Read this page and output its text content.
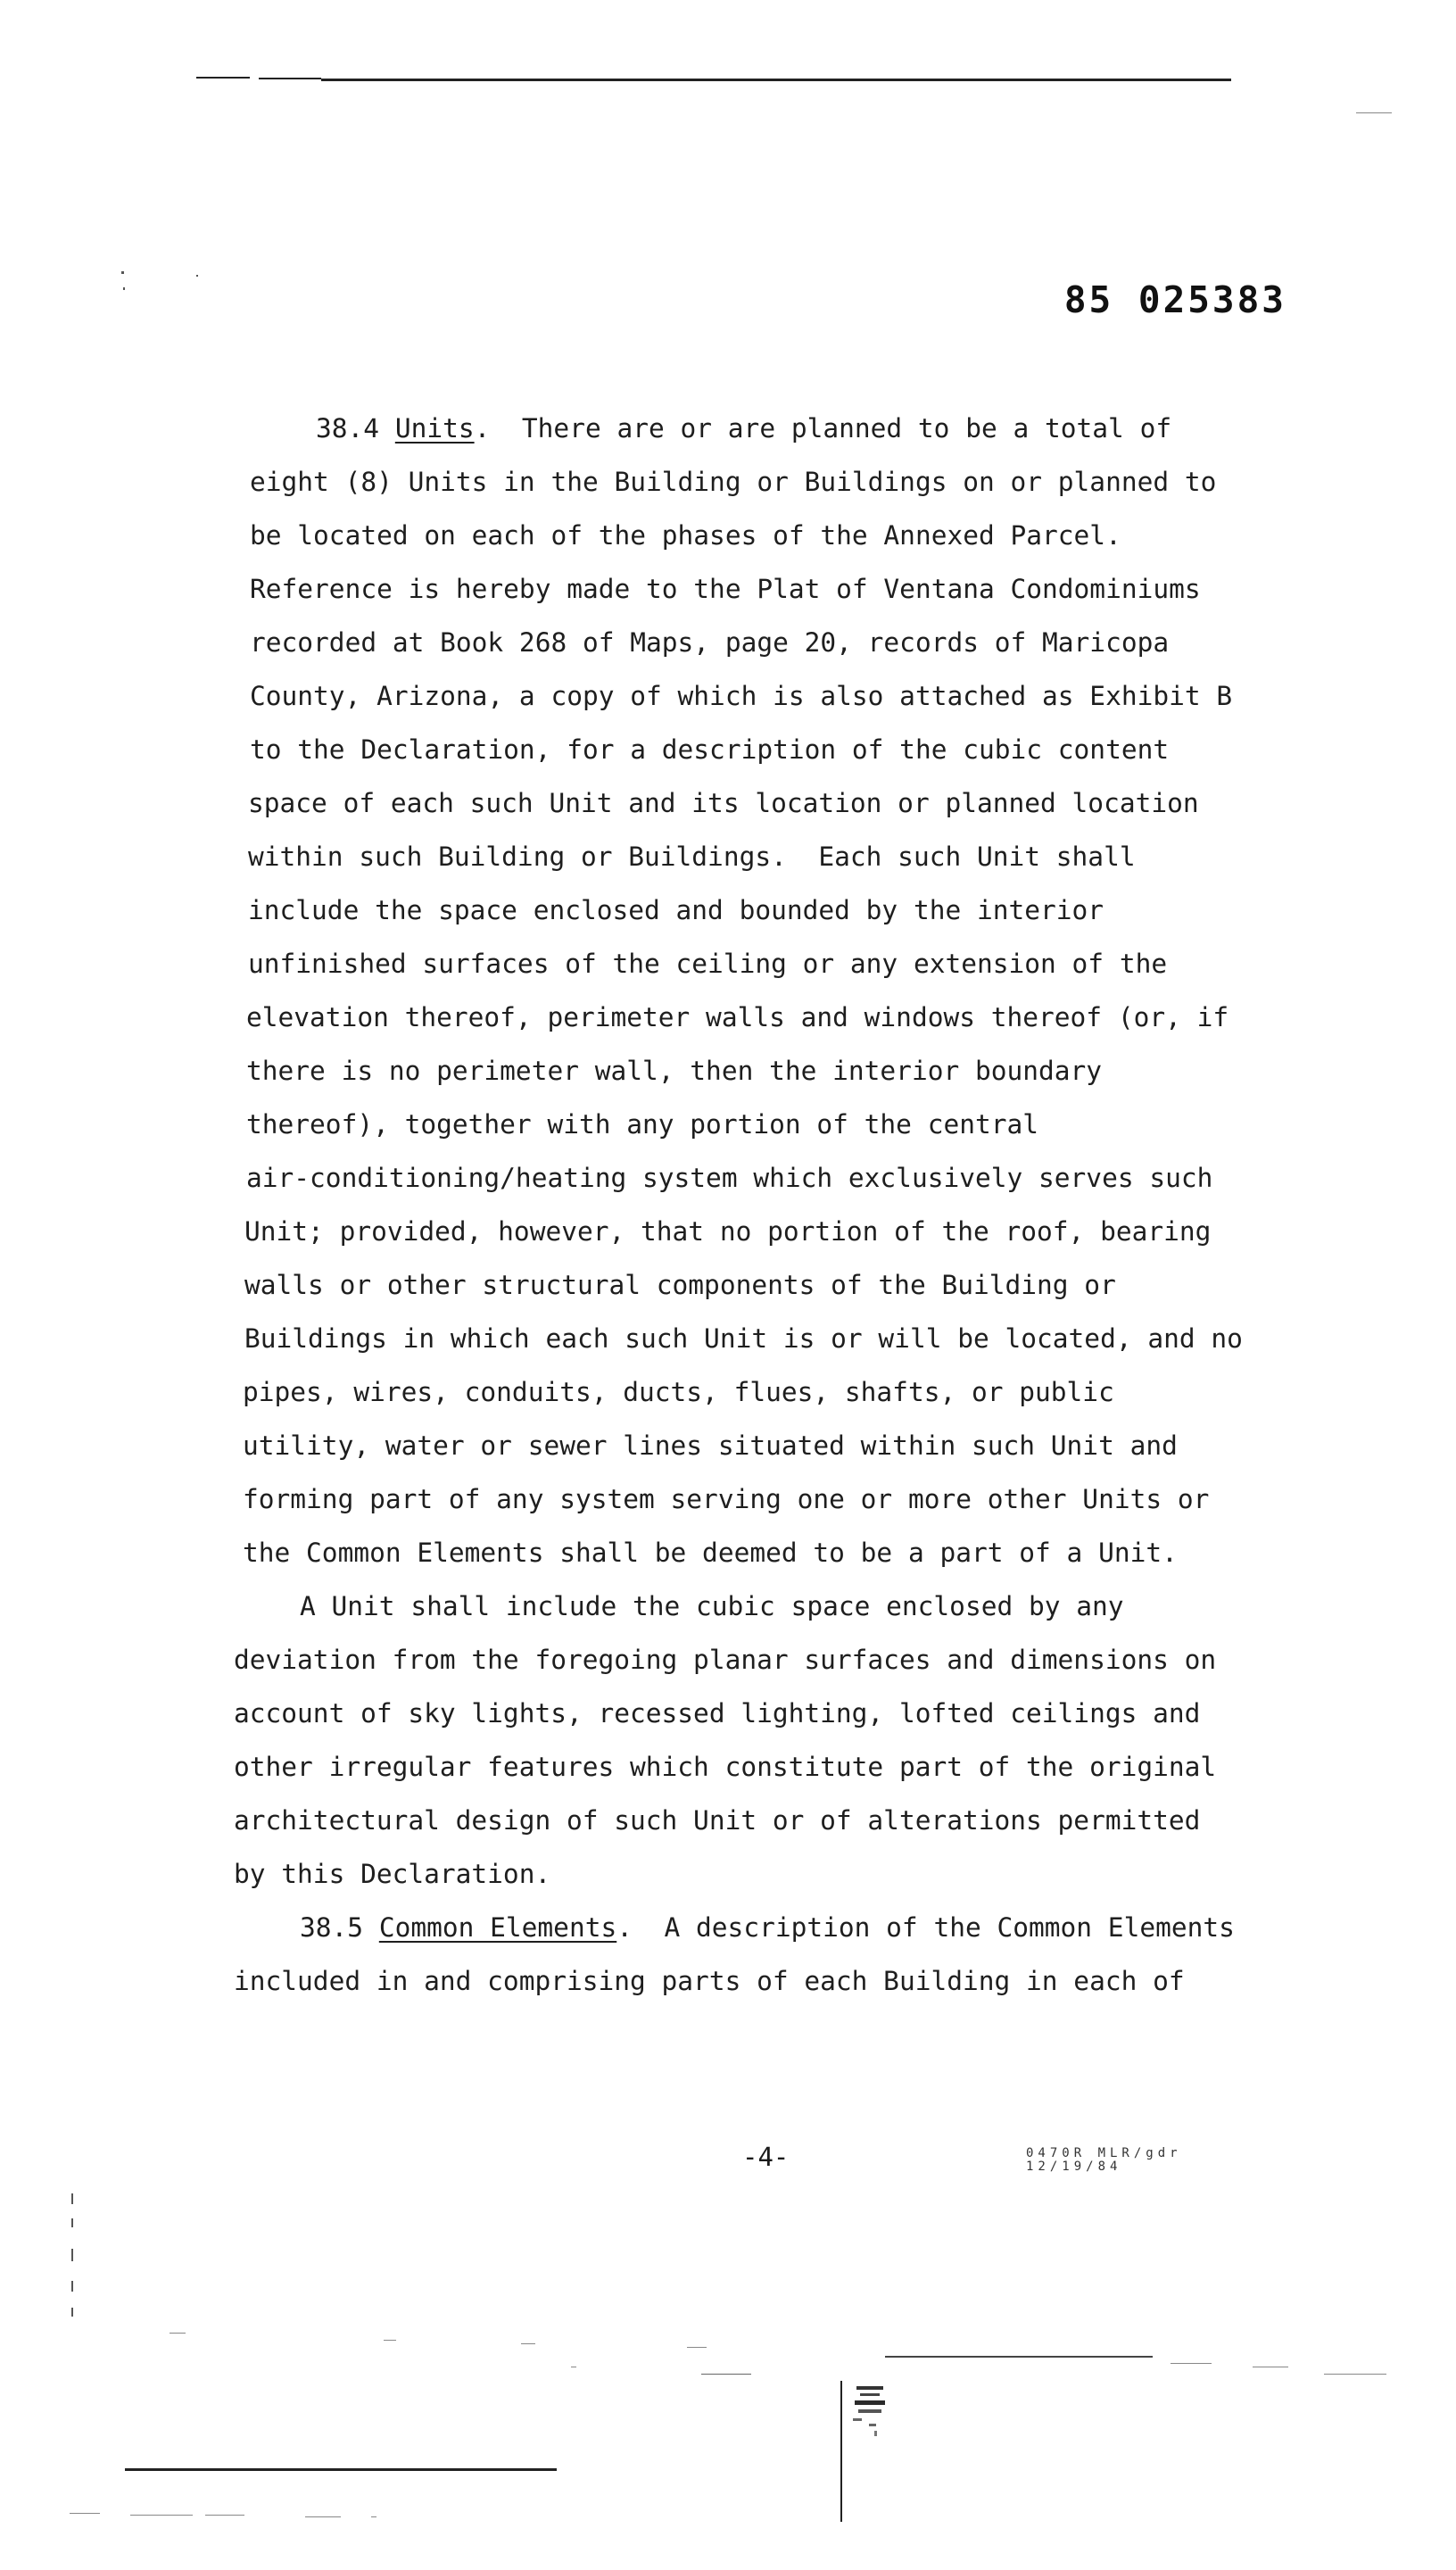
85 025383
38.4 Units.  There are or are planned to be a total of
eight (8) Units in the Building or Buildings on or planned to
be located on each of the phases of the Annexed Parcel.
Reference is hereby made to the Plat of Ventana Condominiums
recorded at Book 268 of Maps, page 20, records of Maricopa
County, Arizona, a copy of which is also attached as Exhibit B
to the Declaration, for a description of the cubic content
space of each such Unit and its location or planned location
within such Building or Buildings.  Each such Unit shall
include the space enclosed and bounded by the interior
unfinished surfaces of the ceiling or any extension of the
elevation thereof, perimeter walls and windows thereof (or, if
there is no perimeter wall, then the interior boundary
thereof), together with any portion of the central
air-conditioning/heating system which exclusively serves such
Unit; provided, however, that no portion of the roof, bearing
walls or other structural components of the Building or
Buildings in which each such Unit is or will be located, and no
pipes, wires, conduits, ducts, flues, shafts, or public
utility, water or sewer lines situated within such Unit and
forming part of any system serving one or more other Units or
the Common Elements shall be deemed to be a part of a Unit.
A Unit shall include the cubic space enclosed by any
deviation from the foregoing planar surfaces and dimensions on
account of sky lights, recessed lighting, lofted ceilings and
other irregular features which constitute part of the original
architectural design of such Unit or of alterations permitted
by this Declaration.
38.5 Common Elements.  A description of the Common Elements
included in and comprising parts of each Building in each of
-4-	0470R MLR/gdr
12/19/84
